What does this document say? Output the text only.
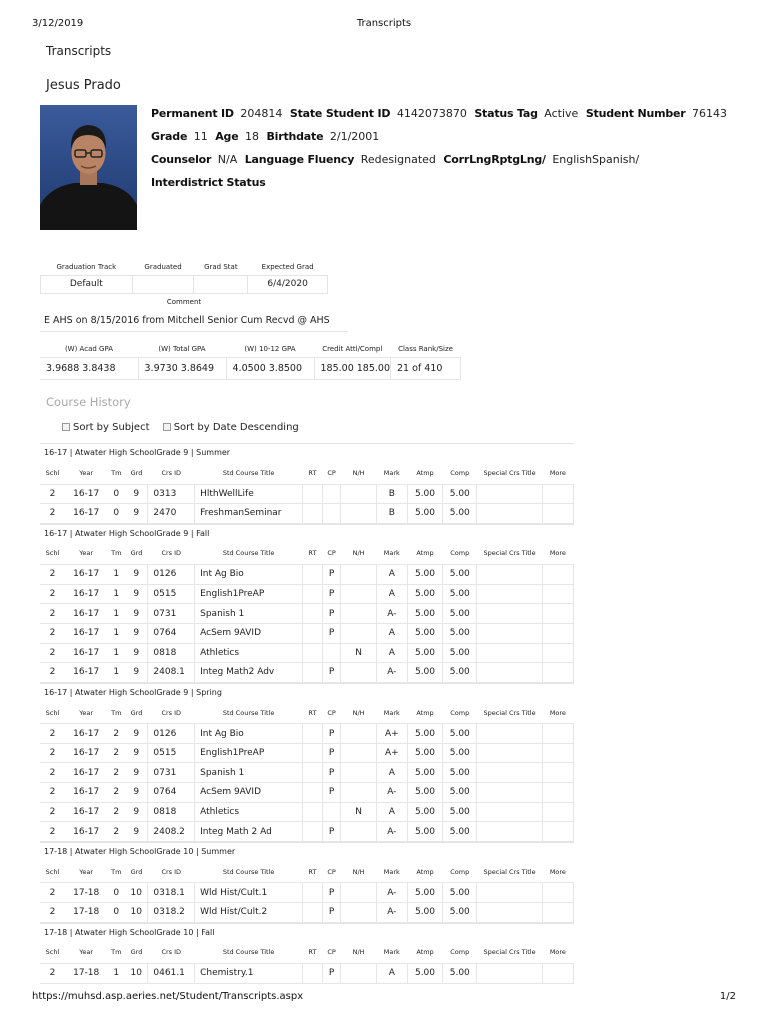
3/12/2019	Transcripts
Transcripts
Jesus Prado
Permanent ID 204814 State Student ID 4142073870 Status Tag Active Student Number 76143
Grade 11 Age 18 Birthdate 2/1/2001
Counselor N/A Language Fluency Redesignated CorrLngRptgLng/ EnglishSpanish/
Interdistrict Status
Graduation Track	Graduated	Grad Stat	Expected Grad
Default			6/4/2020
Comment
E AHS on 8/15/2016 from Mitchell Senior Cum Recvd @ AHS
(W) Acad GPA	(W) Total GPA	(W) 10-12 GPA	Credit Attl/Compl	Class Rank/Size
3.9688 3.8438	3.9730 3.8649	4.0500 3.8500	185.00 185.00	21 of 410
Course History
Sort by Subject Sort by Date Descending
16-17 | Atwater High SchoolGrade 9 | Summer
Schl	Year	Tm	Grd	Crs ID	Std Course Title	RT	CP	N/H	Mark	Atmp	Comp	Special Crs Title	More
2	16-17	0	9	0313	HlthWellLife				B	5.00	5.00		
2	16-17	0	9	2470	FreshmanSeminar				B	5.00	5.00		
16-17 | Atwater High SchoolGrade 9 | Fall
Schl	Year	Tm	Grd	Crs ID	Std Course Title	RT	CP	N/H	Mark	Atmp	Comp	Special Crs Title	More
2	16-17	1	9	0126	Int Ag Bio		P		A	5.00	5.00		
2	16-17	1	9	0515	English1PreAP		P		A	5.00	5.00		
2	16-17	1	9	0731	Spanish 1		P		A-	5.00	5.00		
2	16-17	1	9	0764	AcSem 9AVID		P		A	5.00	5.00		
2	16-17	1	9	0818	Athletics			N	A	5.00	5.00		
2	16-17	1	9	2408.1	Integ Math2 Adv		P		A-	5.00	5.00		
16-17 | Atwater High SchoolGrade 9 | Spring
Schl	Year	Tm	Grd	Crs ID	Std Course Title	RT	CP	N/H	Mark	Atmp	Comp	Special Crs Title	More
2	16-17	2	9	0126	Int Ag Bio		P		A+	5.00	5.00		
2	16-17	2	9	0515	English1PreAP		P		A+	5.00	5.00		
2	16-17	2	9	0731	Spanish 1		P		A	5.00	5.00		
2	16-17	2	9	0764	AcSem 9AVID		P		A-	5.00	5.00		
2	16-17	2	9	0818	Athletics			N	A	5.00	5.00		
2	16-17	2	9	2408.2	Integ Math 2 Ad		P		A-	5.00	5.00		
17-18 | Atwater High SchoolGrade 10 | Summer
Schl	Year	Tm	Grd	Crs ID	Std Course Title	RT	CP	N/H	Mark	Atmp	Comp	Special Crs Title	More
2	17-18	0	10	0318.1	Wld Hist/Cult.1		P		A-	5.00	5.00		
2	17-18	0	10	0318.2	Wld Hist/Cult.2		P		A-	5.00	5.00		
17-18 | Atwater High SchoolGrade 10 | Fall
Schl	Year	Tm	Grd	Crs ID	Std Course Title	RT	CP	N/H	Mark	Atmp	Comp	Special Crs Title	More
2	17-18	1	10	0461.1	Chemistry.1		P		A	5.00	5.00		
https://muhsd.asp.aeries.net/Student/Transcripts.aspx	1/2
